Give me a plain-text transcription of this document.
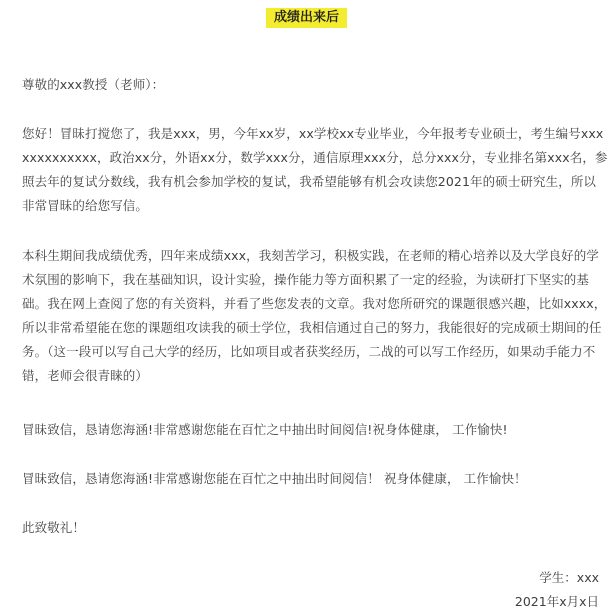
成绩出来后

尊敬的xxx教授（老师）：

您好！冒昧打搅您了，我是xxx，男，今年xx岁，xx学校xx专业毕业，今年报考专业硕士，考生编号xxxxxxxxxxxxx，政治xx分，外语xx分，数学xxx分，通信原理xxx分，总分xxx分，专业排名第xxx名，参照去年的复试分数线，我有机会参加学校的复试，我希望能够有机会攻读您2021年的硕士研究生，所以非常冒昧的给您写信。

本科生期间我成绩优秀，四年来成绩xxx，我刻苦学习，积极实践，在老师的精心培养以及大学良好的学术氛围的影响下，我在基础知识，设计实验，操作能力等方面积累了一定的经验，为读研打下坚实的基础。我在网上查阅了您的有关资料，并看了些您发表的文章。我对您所研究的课题很感兴趣，比如xxxx，所以非常希望能在您的课题组攻读我的硕士学位，我相信通过自己的努力，我能很好的完成硕士期间的任务。（这一段可以写自己大学的经历，比如项目或者获奖经历，二战的可以写工作经历，如果动手能力不错，老师会很青睐的）

冒昧致信，恳请您海涵!非常感谢您能在百忙之中抽出时间阅信!祝身体健康， 工作愉快!

冒昧致信，恳请您海涵!非常感谢您能在百忙之中抽出时间阅信！ 祝身体健康， 工作愉快！

此致敬礼！

学生：xxx
2021年x月x日
